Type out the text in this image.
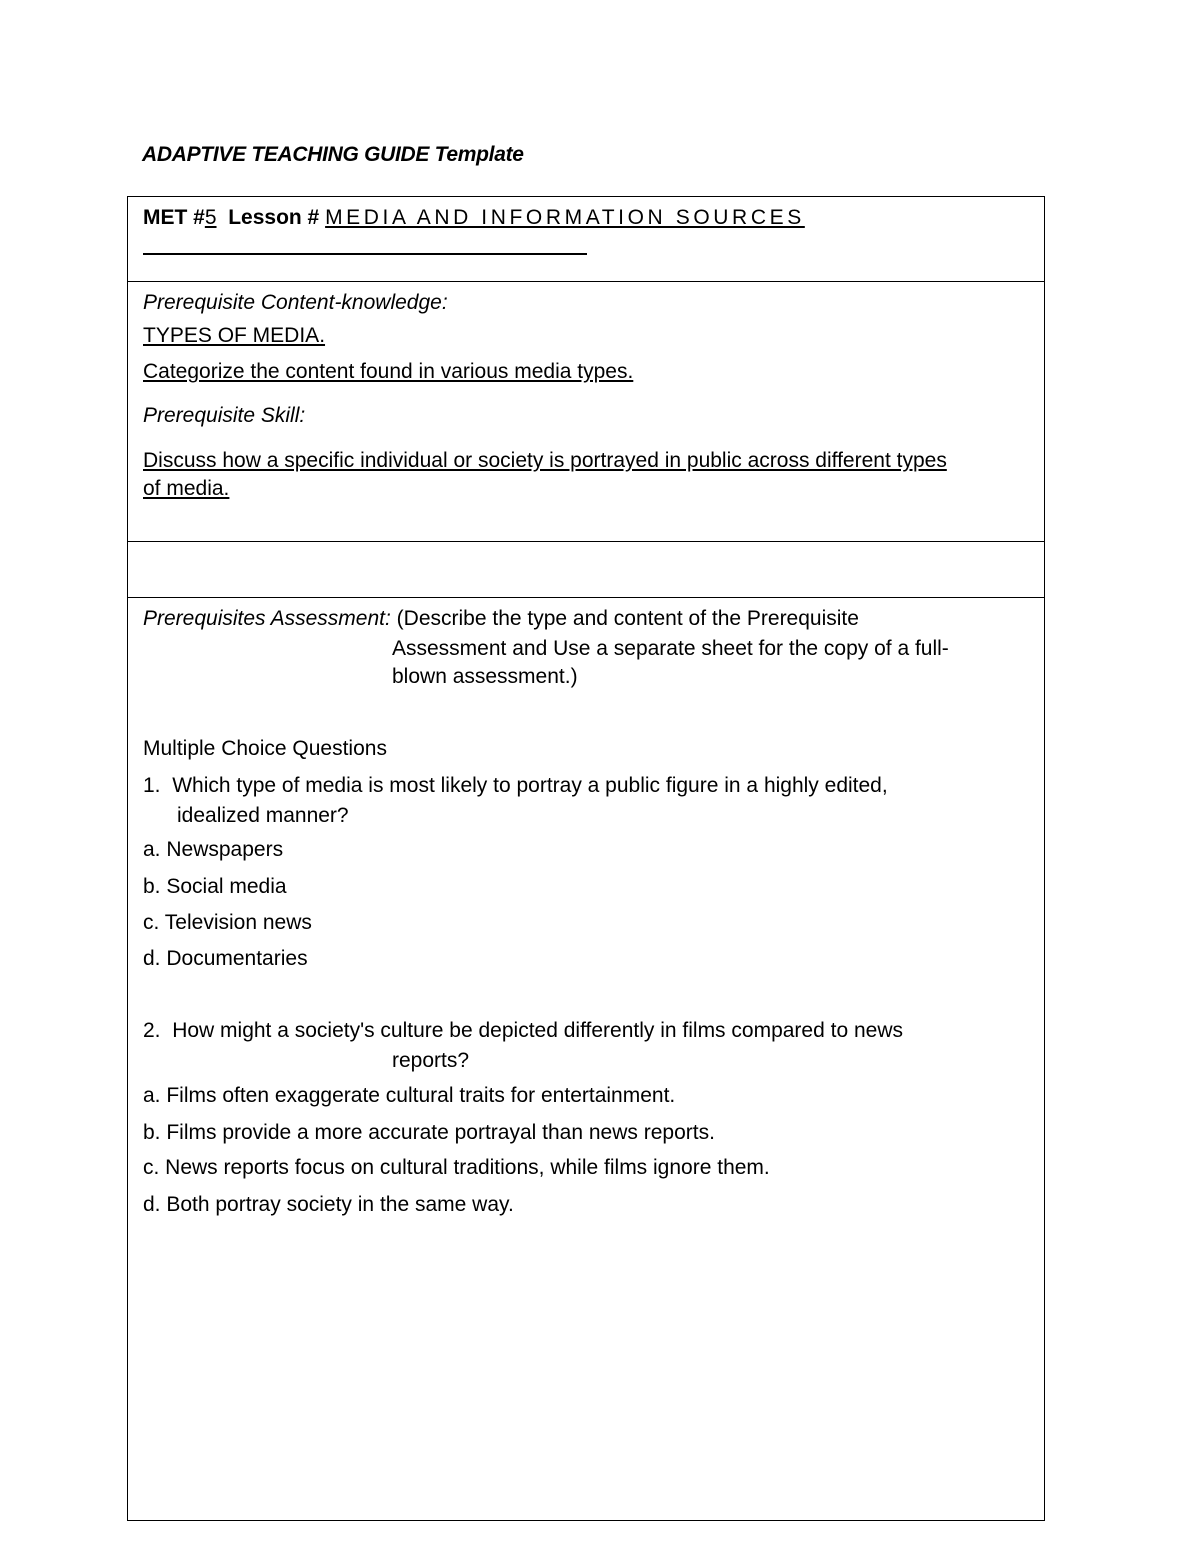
ADAPTIVE TEACHING GUIDE Template
MET #5 Lesson # MEDIA AND INFORMATION SOURCES
Prerequisite Content-knowledge:
TYPES OF MEDIA.
Categorize the content found in various media types.
Prerequisite Skill:
Discuss how a specific individual or society is portrayed in public across different types
of media.
Prerequisites Assessment: (Describe the type and content of the Prerequisite
Assessment and Use a separate sheet for the copy of a full-
blown assessment.)
Multiple Choice Questions
1. Which type of media is most likely to portray a public figure in a highly edited,
idealized manner?
a. Newspapers
b. Social media
c. Television news
d. Documentaries
2. How might a society's culture be depicted differently in films compared to news
reports?
a. Films often exaggerate cultural traits for entertainment.
b. Films provide a more accurate portrayal than news reports.
c. News reports focus on cultural traditions, while films ignore them.
d. Both portray society in the same way.
